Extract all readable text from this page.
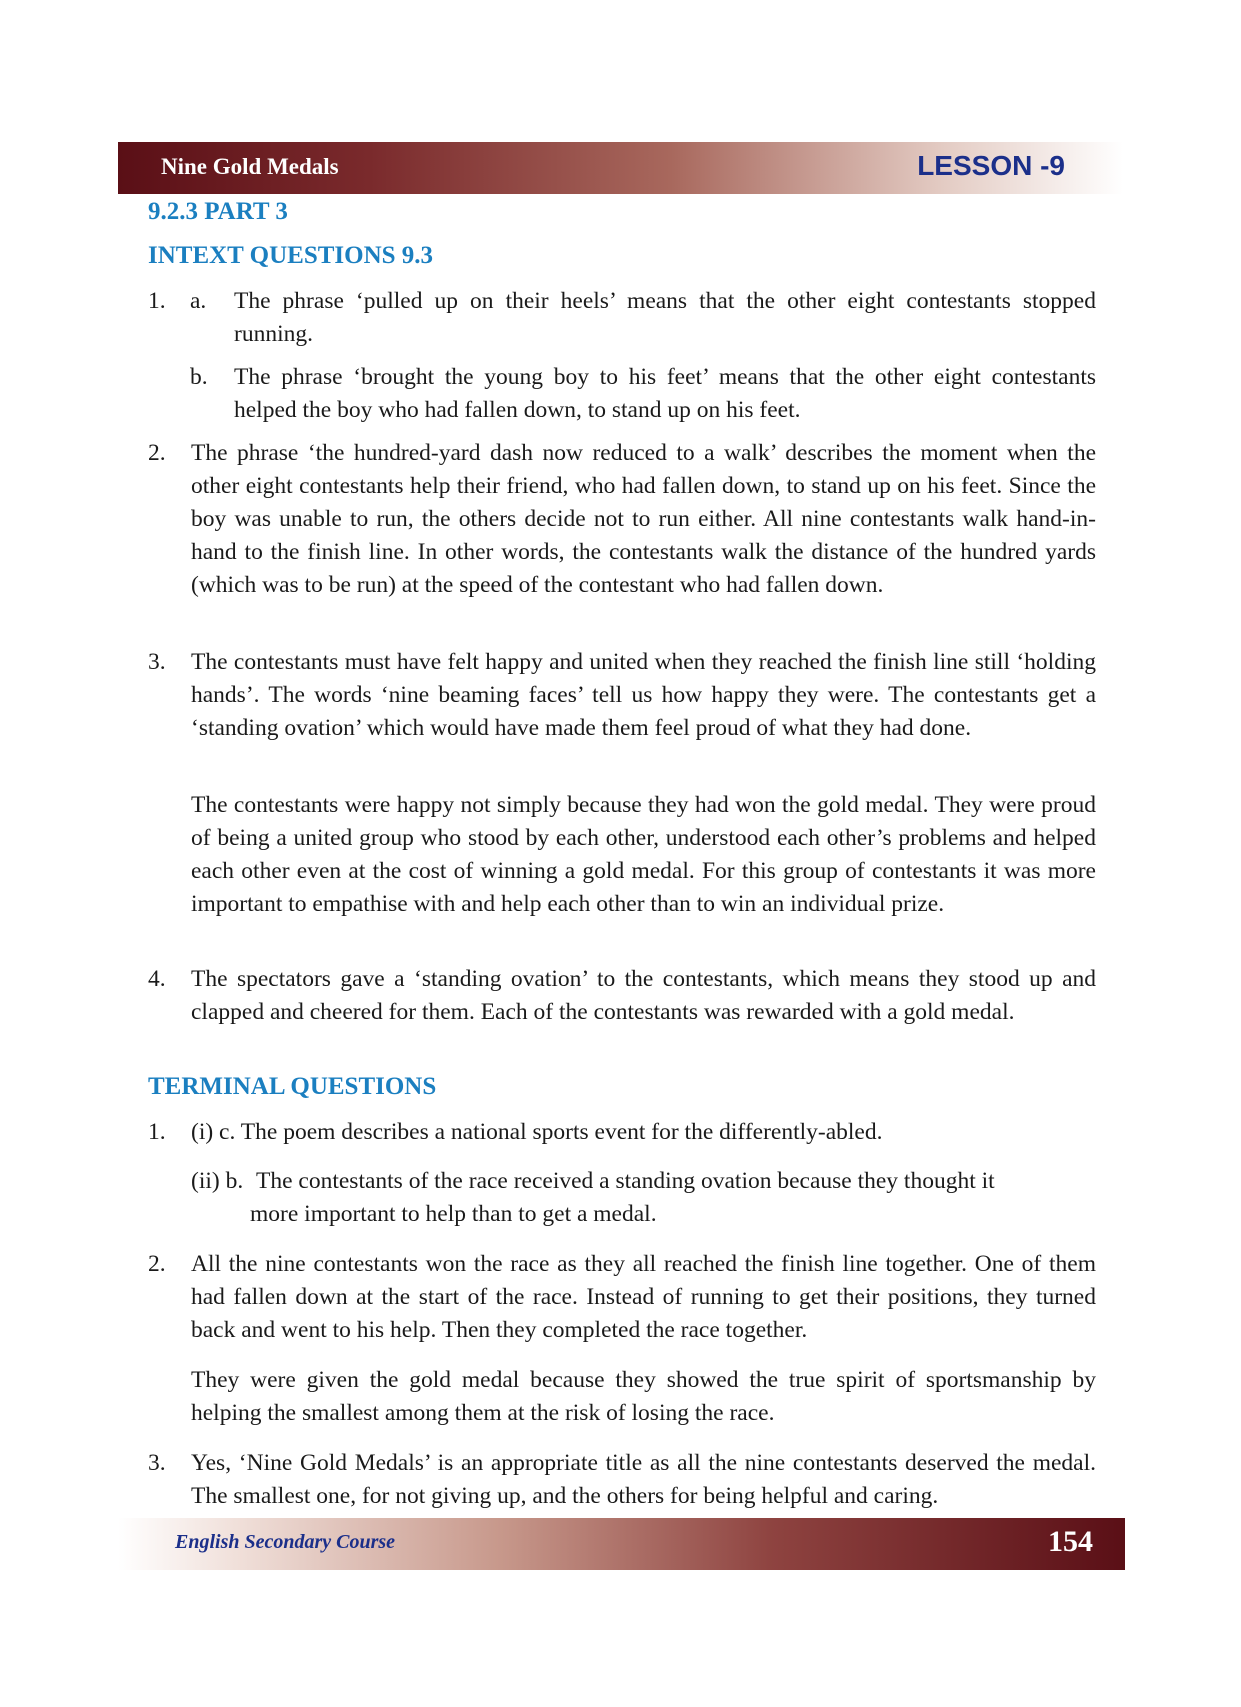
Nine Gold Medals	LESSON -9
9.2.3 PART 3
INTEXT QUESTIONS 9.3
1. a. The phrase ‘pulled up on their heels’ means that the other eight contestants stopped running.
b. The phrase ‘brought the young boy to his feet’ means that the other eight contestants helped the boy who had fallen down, to stand up on his feet.
2. The phrase ‘the hundred-yard dash now reduced to a walk’ describes the moment when the other eight contestants help their friend, who had fallen down, to stand up on his feet. Since the boy was unable to run, the others decide not to run either. All nine contestants walk hand-in-hand to the finish line. In other words, the contestants walk the distance of the hundred yards (which was to be run) at the speed of the contestant who had fallen down.
3. The contestants must have felt happy and united when they reached the finish line still ‘holding hands’. The words ‘nine beaming faces’ tell us how happy they were. The contestants get a ‘standing ovation’ which would have made them feel proud of what they had done.
The contestants were happy not simply because they had won the gold medal. They were proud of being a united group who stood by each other, understood each other’s problems and helped each other even at the cost of winning a gold medal. For this group of contestants it was more important to empathise with and help each other than to win an individual prize.
4. The spectators gave a ‘standing ovation’ to the contestants, which means they stood up and clapped and cheered for them. Each of the contestants was rewarded with a gold medal.
TERMINAL QUESTIONS
1. (i) c. The poem describes a national sports event for the differently-abled.
(ii) b. The contestants of the race received a standing ovation because they thought it
more important to help than to get a medal.
2. All the nine contestants won the race as they all reached the finish line together. One of them had fallen down at the start of the race. Instead of running to get their positions, they turned back and went to his help. Then they completed the race together.
They were given the gold medal because they showed the true spirit of sportsmanship by helping the smallest among them at the risk of losing the race.
3. Yes, ‘Nine Gold Medals’ is an appropriate title as all the nine contestants deserved the medal. The smallest one, for not giving up, and the others for being helpful and caring.
English Secondary Course	154
